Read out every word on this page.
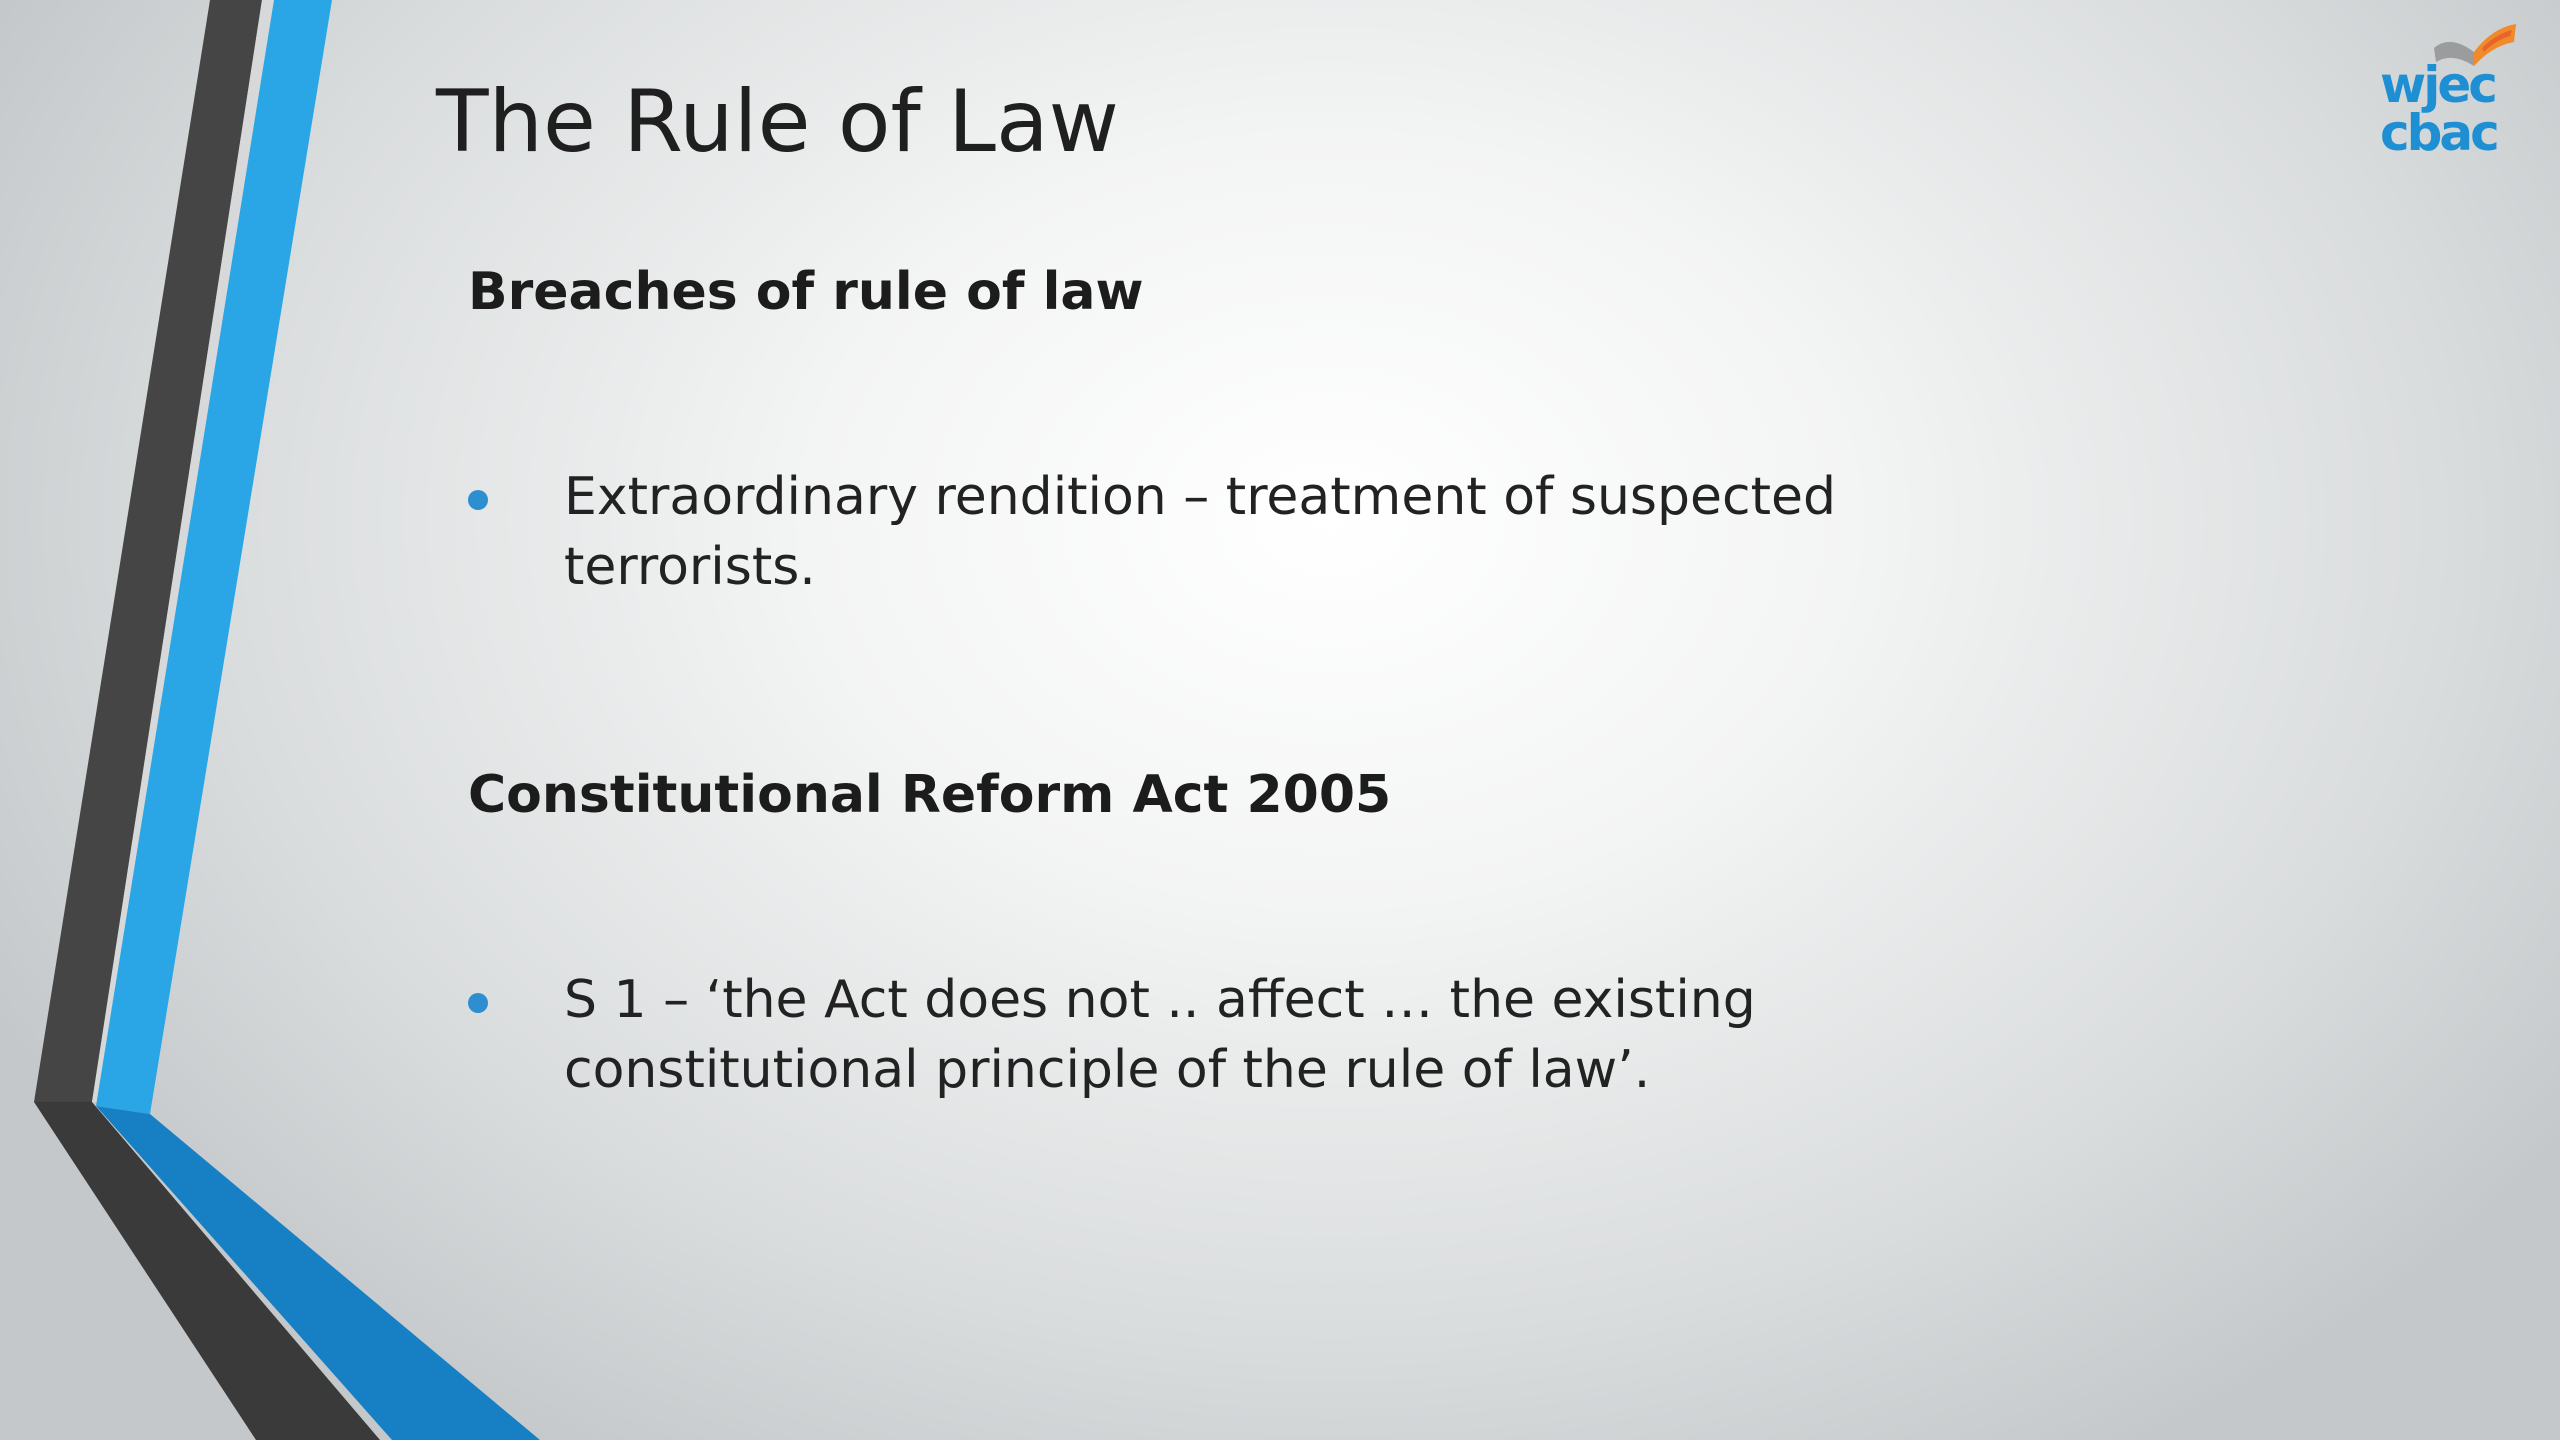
The Rule of Law
Breaches of rule of law
Extraordinary rendition – treatment of suspected terrorists.
Constitutional Reform Act 2005
S 1 – ‘the Act does not .. affect … the existing constitutional principle of the rule of law’.
wjec
cbac
